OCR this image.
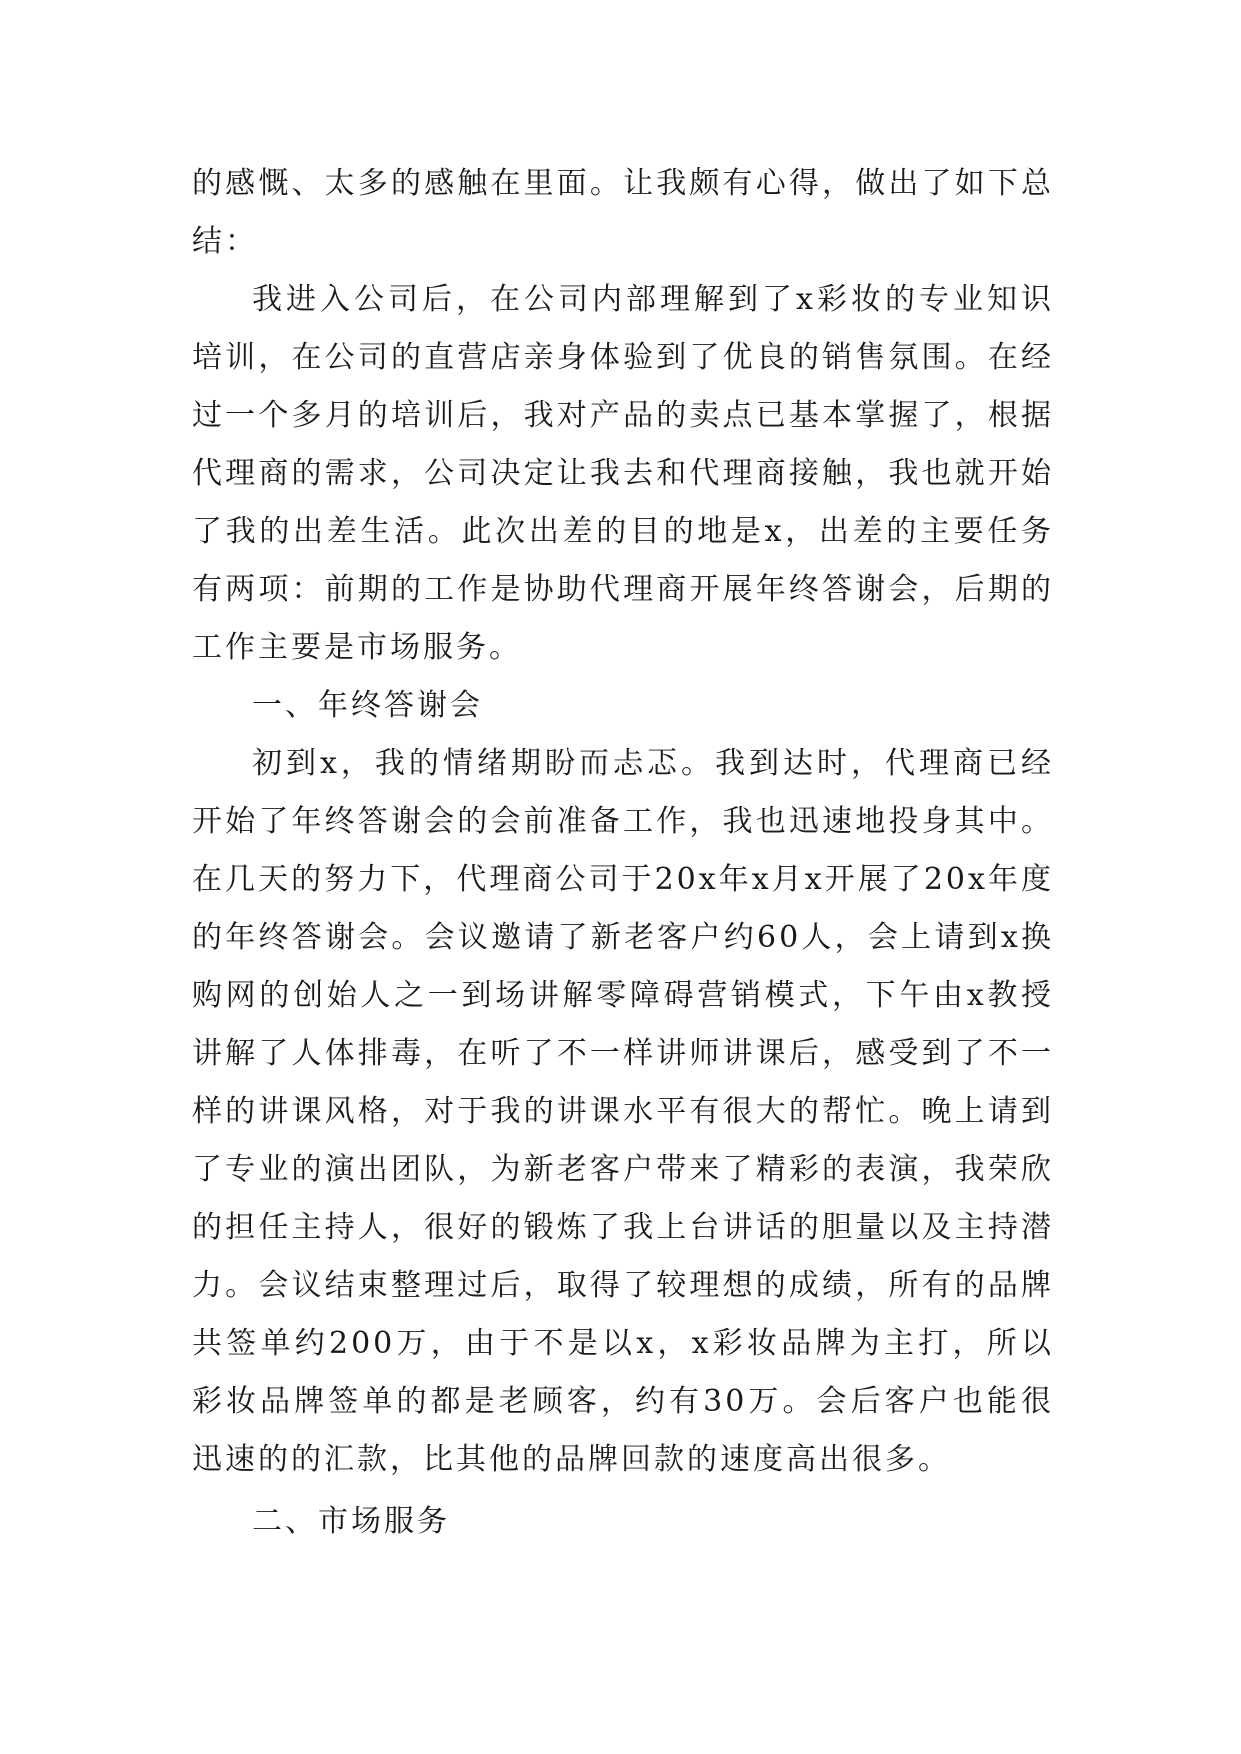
的感慨、太多的感触在里面。让我颇有心得，做出了如下总结：

我进入公司后，在公司内部理解到了x彩妆的专业知识培训，在公司的直营店亲身体验到了优良的销售氛围。在经过一个多月的培训后，我对产品的卖点已基本掌握了，根据代理商的需求，公司决定让我去和代理商接触，我也就开始了我的出差生活。此次出差的目的地是x，出差的主要任务有两项：前期的工作是协助代理商开展年终答谢会，后期的工作主要是市场服务。

一、年终答谢会

初到x，我的情绪期盼而忐忑。我到达时，代理商已经开始了年终答谢会的会前准备工作，我也迅速地投身其中。在几天的努力下，代理商公司于20x年x月x开展了20x年度的年终答谢会。会议邀请了新老客户约60人，会上请到x换购网的创始人之一到场讲解零障碍营销模式，下午由x教授讲解了人体排毒，在听了不一样讲师讲课后，感受到了不一样的讲课风格，对于我的讲课水平有很大的帮忙。晚上请到了专业的演出团队，为新老客户带来了精彩的表演，我荣欣的担任主持人，很好的锻炼了我上台讲话的胆量以及主持潜力。会议结束整理过后，取得了较理想的成绩，所有的品牌共签单约200万，由于不是以x，x彩妆品牌为主打，所以彩妆品牌签单的都是老顾客，约有30万。会后客户也能很迅速的的汇款，比其他的品牌回款的速度高出很多。

二、市场服务
